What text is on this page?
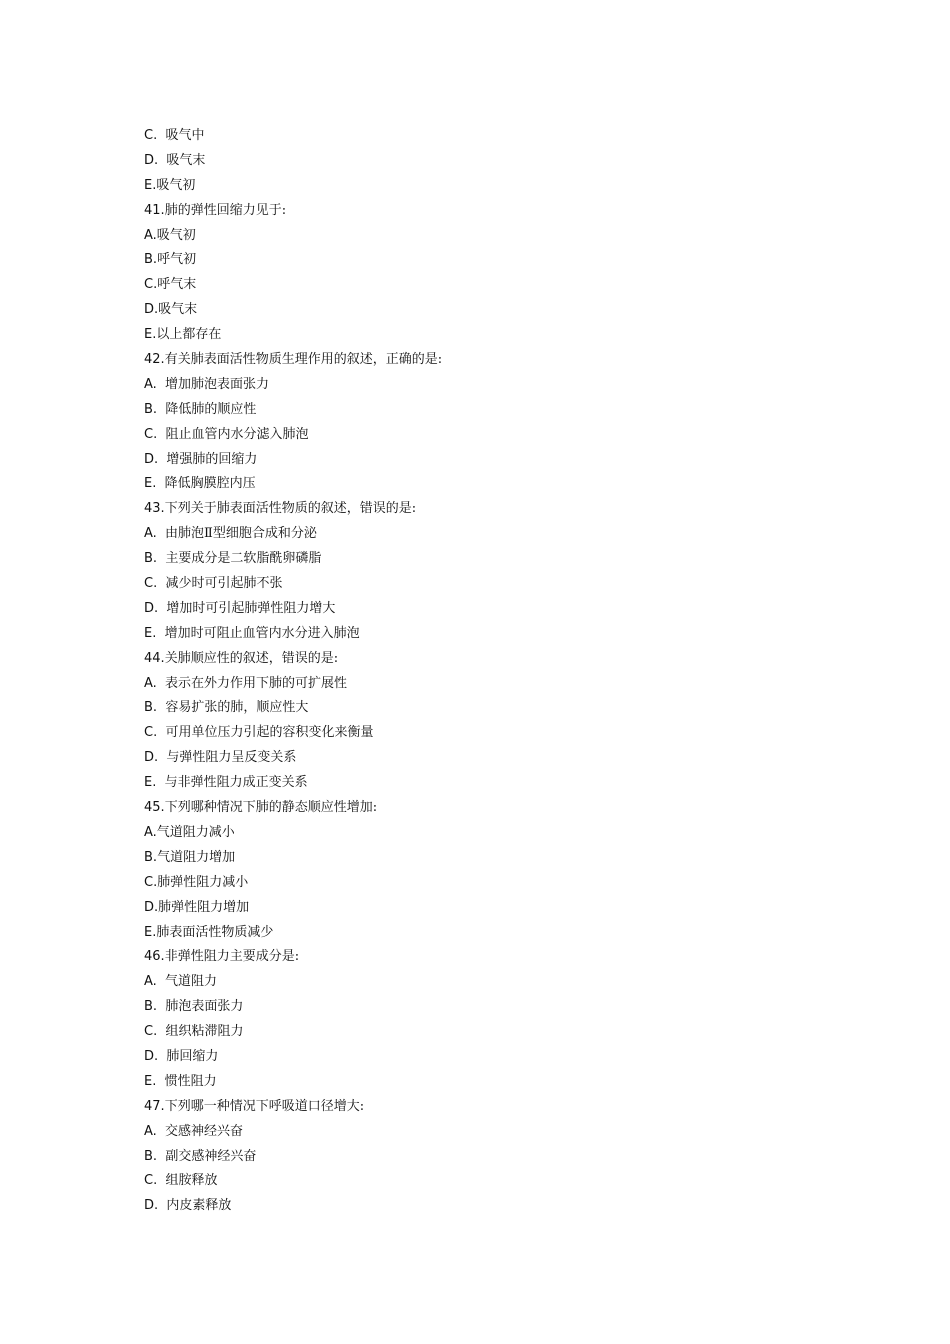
C.  吸气中
D.  吸气末
E.吸气初
41.肺的弹性回缩力见于:
A.吸气初
B.呼气初
C.呼气末
D.吸气末
E.以上都存在
42.有关肺表面活性物质生理作用的叙述，正确的是:
A.  增加肺泡表面张力
B.  降低肺的顺应性
C.  阻止血管内水分滤入肺泡
D.  增强肺的回缩力
E.  降低胸膜腔内压
43.下列关于肺表面活性物质的叙述，错误的是:
A.  由肺泡Ⅱ型细胞合成和分泌
B.  主要成分是二软脂酰卵磷脂
C.  减少时可引起肺不张
D.  增加时可引起肺弹性阻力增大
E.  增加时可阻止血管内水分进入肺泡
44.关肺顺应性的叙述，错误的是:
A.  表示在外力作用下肺的可扩展性
B.  容易扩张的肺，顺应性大
C.  可用单位压力引起的容积变化来衡量
D.  与弹性阻力呈反变关系
E.  与非弹性阻力成正变关系
45.下列哪种情况下肺的静态顺应性增加:
A.气道阻力减小
B.气道阻力增加
C.肺弹性阻力减小
D.肺弹性阻力增加
E.肺表面活性物质减少
46.非弹性阻力主要成分是:
A.  气道阻力
B.  肺泡表面张力
C.  组织粘滞阻力
D.  肺回缩力
E.  惯性阻力
47.下列哪一种情况下呼吸道口径增大:
A.  交感神经兴奋
B.  副交感神经兴奋
C.  组胺释放
D.  内皮素释放
